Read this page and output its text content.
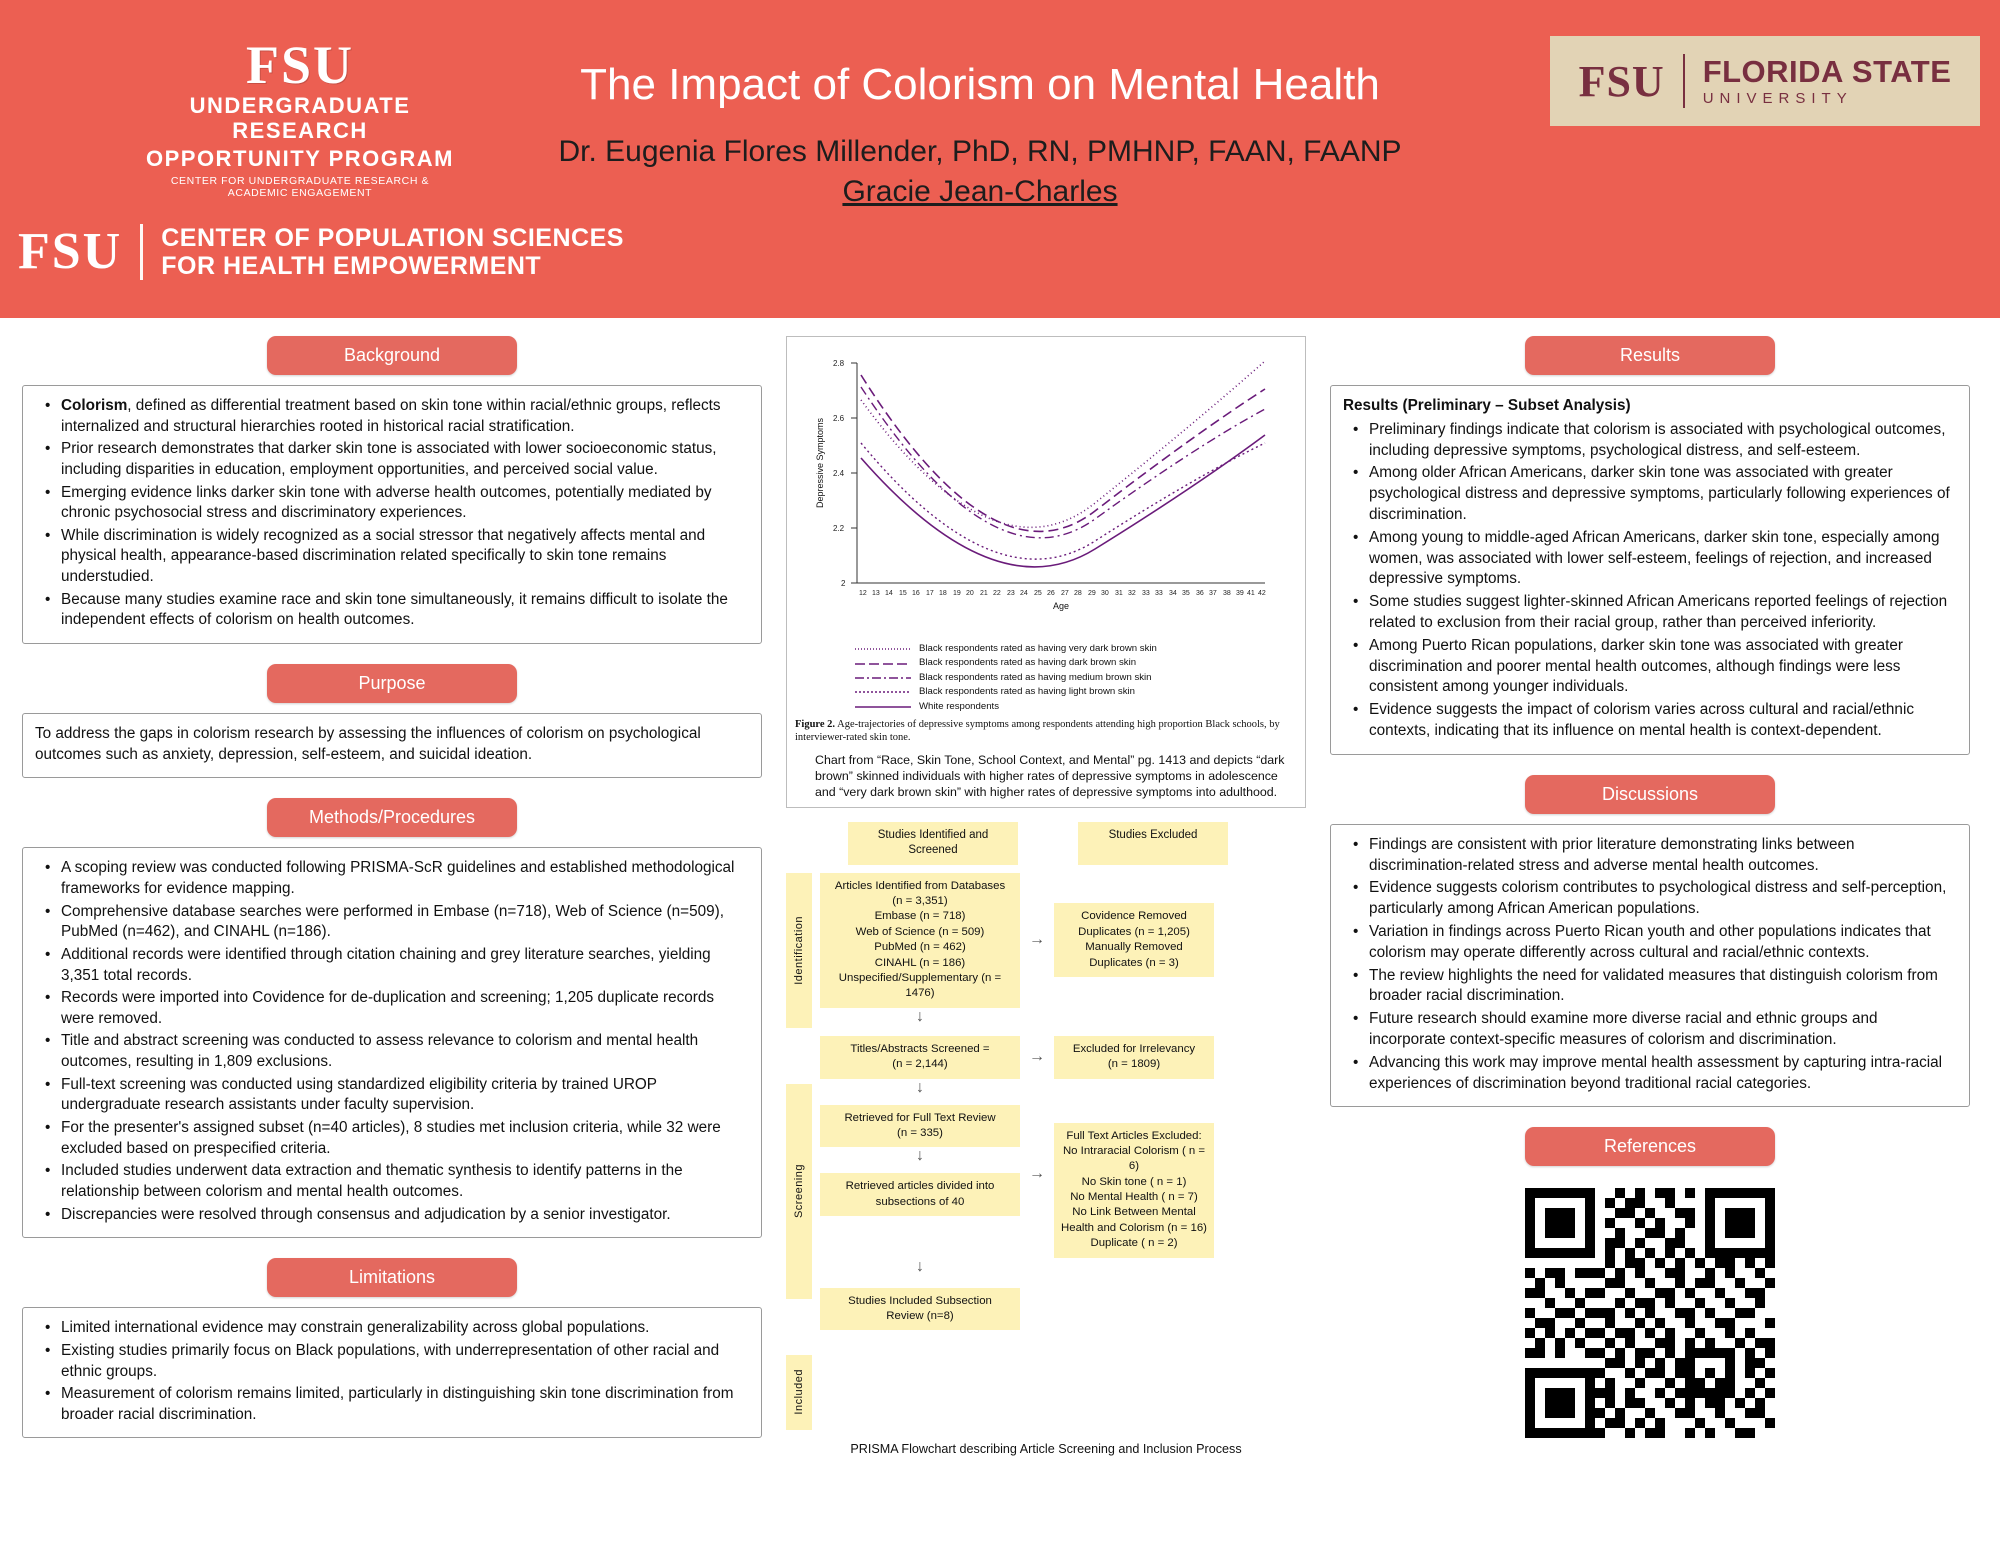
FSU
UNDERGRADUATE RESEARCH
OPPORTUNITY PROGRAM
CENTER FOR UNDERGRADUATE RESEARCH & ACADEMIC ENGAGEMENT
FSU	CENTER OF POPULATION SCIENCES
FOR HEALTH EMPOWERMENT
The Impact of Colorism on Mental Health
Dr. Eugenia Flores Millender, PhD, RN, PMHNP, FAAN, FAANP
Gracie Jean-Charles
FSU FLORIDA STATE
UNIVERSITY
Background
• Colorism, defined as differential treatment based on skin tone within racial/ethnic groups, reflects internalized and structural hierarchies rooted in historical racial stratification.
• Prior research demonstrates that darker skin tone is associated with lower socioeconomic status, including disparities in education, employment opportunities, and perceived social value.
• Emerging evidence links darker skin tone with adverse health outcomes, potentially mediated by chronic psychosocial stress and discriminatory experiences.
• While discrimination is widely recognized as a social stressor that negatively affects mental and physical health, appearance-based discrimination related specifically to skin tone remains understudied.
• Because many studies examine race and skin tone simultaneously, it remains difficult to isolate the independent effects of colorism on health outcomes.
Purpose

To address the gaps in colorism research by assessing the influences of colorism on psychological outcomes such as anxiety, depression, self-esteem, and suicidal ideation.

Methods/Procedures
• A scoping review was conducted following PRISMA-ScR guidelines and established methodological frameworks for evidence mapping.
• Comprehensive database searches were performed in Embase (n=718), Web of Science (n=509), PubMed (n=462), and CINAHL (n=186).
• Additional records were identified through citation chaining and grey literature searches, yielding 3,351 total records.
• Records were imported into Covidence for de-duplication and screening; 1,205 duplicate records were removed.
• Title and abstract screening was conducted to assess relevance to colorism and mental health outcomes, resulting in 1,809 exclusions.
• Full-text screening was conducted using standardized eligibility criteria by trained UROP undergraduate research assistants under faculty supervision.
• For the presenter's assigned subset (n=40 articles), 8 studies met inclusion criteria, while 32 were excluded based on prespecified criteria.
• Included studies underwent data extraction and thematic synthesis to identify patterns in the relationship between colorism and mental health outcomes.
• Discrepancies were resolved through consensus and adjudication by a senior investigator.
Limitations
• Limited international evidence may constrain generalizability across global populations.
• Existing studies primarily focus on Black populations, with underrepresentation of other racial and ethnic groups.
• Measurement of colorism remains limited, particularly in distinguishing skin tone discrimination from broader racial discrimination.
2
2.2
2.4
2.6
2.8
Depressive Symptoms
12 13 14 15 16 17 18 19 20 21 22 23 24 25 26 27 28 29 30 31 32 33 33 34 35 36 37 38 39 41 42
Age
Black respondents rated as having very dark brown skin
Black respondents rated as having dark brown skin
Black respondents rated as having medium brown skin
Black respondents rated as having light brown skin
White respondents
Figure 2. Age-trajectories of depressive symptoms among respondents attending high proportion Black schools, by interviewer-rated skin tone.
Chart from “Race, Skin Tone, School Context, and Mental” pg. 1413 and depicts “dark brown” skinned individuals with higher rates of depressive symptoms in adolescence and “very dark brown skin” with higher rates of depressive symptoms into adulthood.
Studies Identified and Screened
Studies Excluded
Identification
Screening
Included
Articles Identified from Databases
(n = 3,351)
Embase (n = 718)
Web of Science (n = 509)
PubMed (n = 462)
CINAHL (n = 186)
Unspecified/Supplementary (n = 1476)
→
Covidence Removed
Duplicates (n = 1,205)
Manually Removed
Duplicates (n = 3)
↓
Titles/Abstracts Screened =
(n = 2,144)	→	Excluded for Irrelevancy
(n = 1809)
↓
Retrieved for Full Text Review
(n = 335)
↓
Retrieved articles divided into
subsections of 40
→
Full Text Articles Excluded:
No Intraracial Colorism ( n = 6)
No Skin tone ( n = 1)
No Mental Health ( n = 7)
No Link Between Mental Health and Colorism (n = 16)
Duplicate ( n = 2)
↓
Studies Included Subsection
Review (n=8)
PRISMA Flowchart describing Article Screening and Inclusion Process
Results

Results (Preliminary – Subset Analysis)

• Preliminary findings indicate that colorism is associated with psychological outcomes, including depressive symptoms, psychological distress, and self-esteem.
• Among older African Americans, darker skin tone was associated with greater psychological distress and depressive symptoms, particularly following experiences of discrimination.
• Among young to middle-aged African Americans, darker skin tone, especially among women, was associated with lower self-esteem, feelings of rejection, and increased depressive symptoms.
• Some studies suggest lighter-skinned African Americans reported feelings of rejection related to exclusion from their racial group, rather than perceived inferiority.
• Among Puerto Rican populations, darker skin tone was associated with greater discrimination and poorer mental health outcomes, although findings were less consistent among younger individuals.
• Evidence suggests the impact of colorism varies across cultural and racial/ethnic contexts, indicating that its influence on mental health is context-dependent.
Discussions
• Findings are consistent with prior literature demonstrating links between discrimination-related stress and adverse mental health outcomes.
• Evidence suggests colorism contributes to psychological distress and self-perception, particularly among African American populations.
• Variation in findings across Puerto Rican youth and other populations indicates that colorism may operate differently across cultural and racial/ethnic contexts.
• The review highlights the need for validated measures that distinguish colorism from broader racial discrimination.
• Future research should examine more diverse racial and ethnic groups and incorporate context-specific measures of colorism and discrimination.
• Advancing this work may improve mental health assessment by capturing intra-racial experiences of discrimination beyond traditional racial categories.
References
